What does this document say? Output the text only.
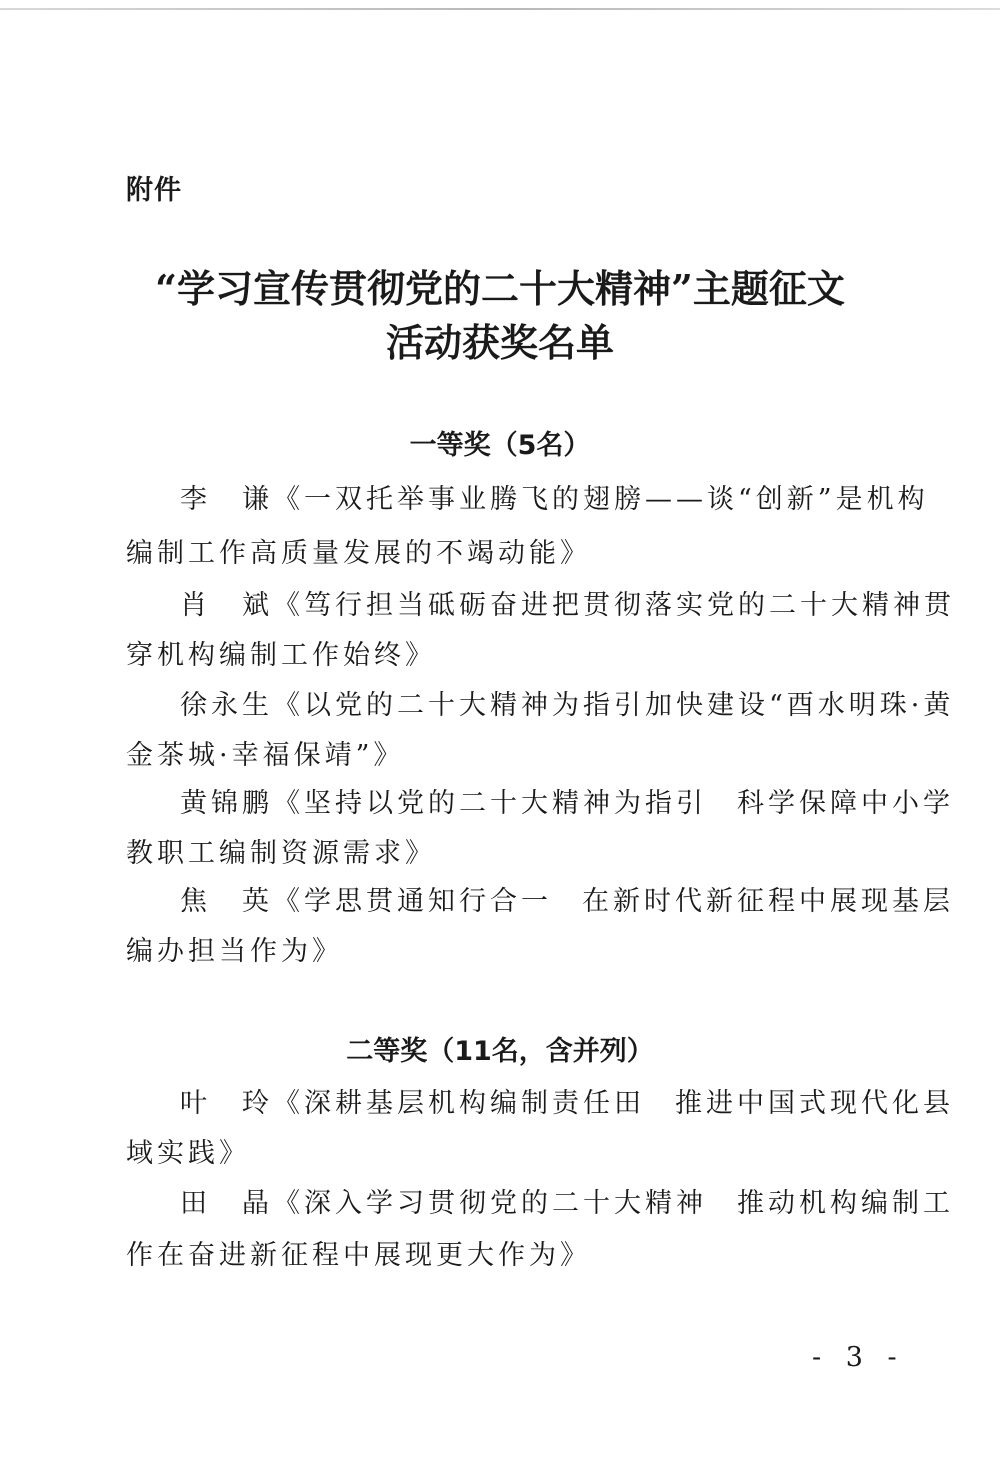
附件
“学习宣传贯彻党的二十大精神”主题征文
活动获奖名单
一等奖（5名）
李　谦《一双托举事业腾飞的翅膀——谈“创新”是机构
编制工作高质量发展的不竭动能》
肖　斌《笃行担当砥砺奋进把贯彻落实党的二十大精神贯
穿机构编制工作始终》
徐永生《以党的二十大精神为指引加快建设“酉水明珠·黄
金茶城·幸福保靖”》
黄锦鹏《坚持以党的二十大精神为指引 科学保障中小学
教职工编制资源需求》
焦　英《学思贯通知行合一 在新时代新征程中展现基层
编办担当作为》
二等奖（11名，含并列）
叶　玲《深耕基层机构编制责任田 推进中国式现代化县
域实践》
田　晶《深入学习贯彻党的二十大精神 推动机构编制工
作在奋进新征程中展现更大作为》
- 3 -
